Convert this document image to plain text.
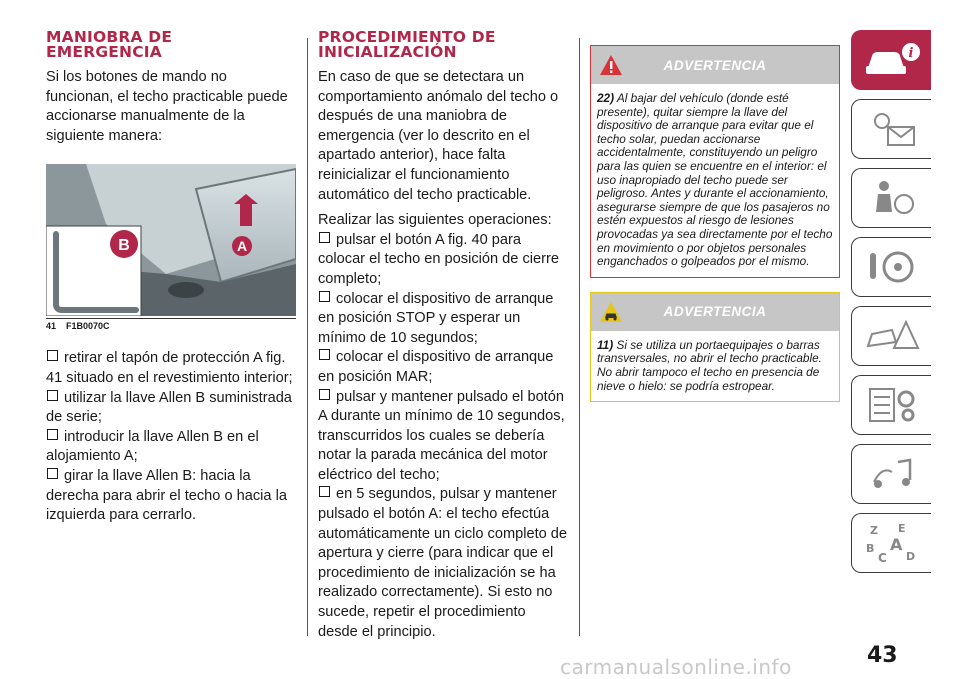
MANIOBRA DE
EMERGENCIA

Si los botones de mando no funcionan, el techo practicable puede accionarse manualmente de la siguiente manera:

A
B
41 F1B0070C

retirar el tapón de protección A fig. 41 situado en el revestimiento interior;

utilizar la llave Allen B suministrada de serie;

introducir la llave Allen B en el alojamiento A;

girar la llave Allen B: hacia la derecha para abrir el techo o hacia la izquierda para cerrarlo.

PROCEDIMIENTO DE
INICIALIZACIÓN

En caso de que se detectara un comportamiento anómalo del techo o después de una maniobra de emergencia (ver lo descrito en el apartado anterior), hace falta reinicializar el funcionamiento automático del techo practicable.

Realizar las siguientes operaciones:

pulsar el botón A fig. 40 para colocar el techo en posición de cierre completo;

colocar el dispositivo de arranque en posición STOP y esperar un mínimo de 10 segundos;

colocar el dispositivo de arranque en posición MAR;

pulsar y mantener pulsado el botón A durante un mínimo de 10 segundos, transcurridos los cuales se debería notar la parada mecánica del motor eléctrico del techo;

en 5 segundos, pulsar y mantener pulsado el botón A: el techo efectúa automáticamente un ciclo completo de apertura y cierre (para indicar que el procedimiento de inicialización se ha realizado correctamente). Si esto no sucede, repetir el procedimiento desde el principio.

ADVERTENCIA
22) Al bajar del vehículo (donde esté presente), quitar siempre la llave del dispositivo de arranque para evitar que el techo solar, puedan accionarse accidentalmente, constituyendo un peligro para las quien se encuentre en el interior: el uso inapropiado del techo puede ser peligroso. Antes y durante el accionamiento, asegurarse siempre de que los pasajeros no estén expuestos al riesgo de lesiones provocadas ya sea directamente por el techo en movimiento o por objetos personales enganchados o golpeados por el mismo.
ADVERTENCIA
11) Si se utiliza un portaequipajes o barras transversales, no abrir el techo practicable. No abrir tampoco el techo en presencia de nieve o hielo: se podría estropear.
i
Z E
B A
C D
43
carmanualsonline.info
